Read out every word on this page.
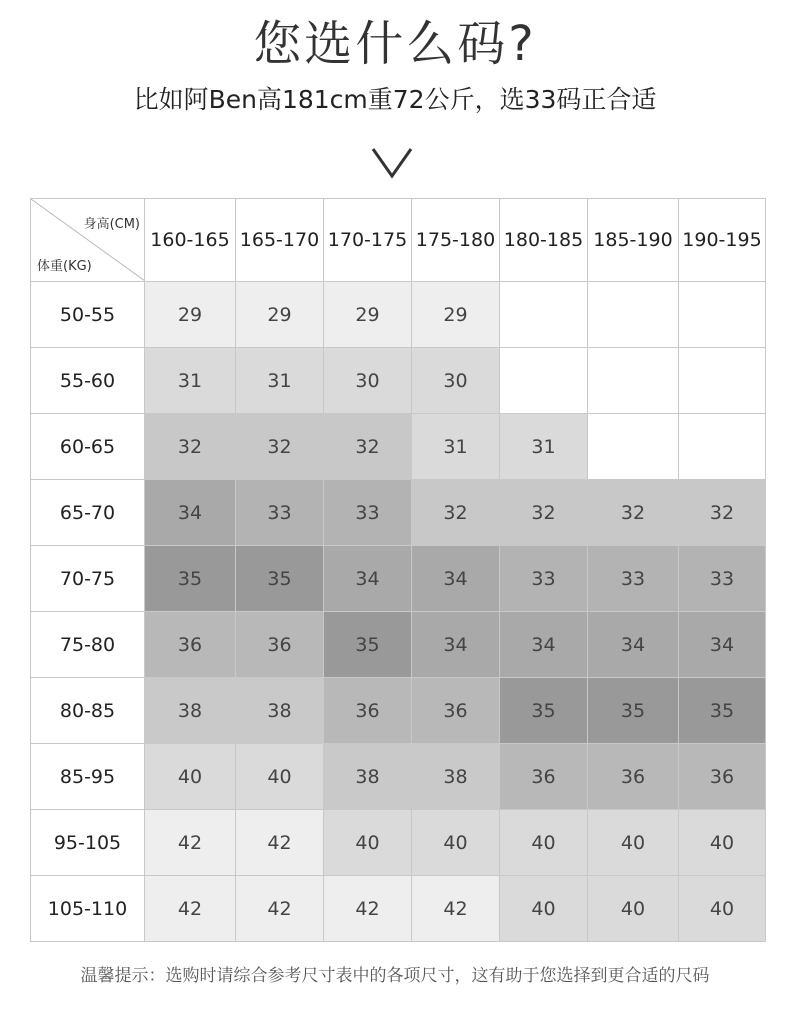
您选什么码?
比如阿Ben高181cm重72公斤，选33码正合适
身高(CM)
体重(KG)	160-165	165-170	170-175	175-180	180-185	185-190	190-195
50-55	29	29	29	29			
55-60	31	31	30	30			
60-65	32	32	32	31	31		
65-70	34	33	33	32	32	32	32
70-75	35	35	34	34	33	33	33
75-80	36	36	35	34	34	34	34
80-85	38	38	36	36	35	35	35
85-95	40	40	38	38	36	36	36
95-105	42	42	40	40	40	40	40
105-110	42	42	42	42	40	40	40
温馨提示：选购时请综合参考尺寸表中的各项尺寸，这有助于您选择到更合适的尺码
